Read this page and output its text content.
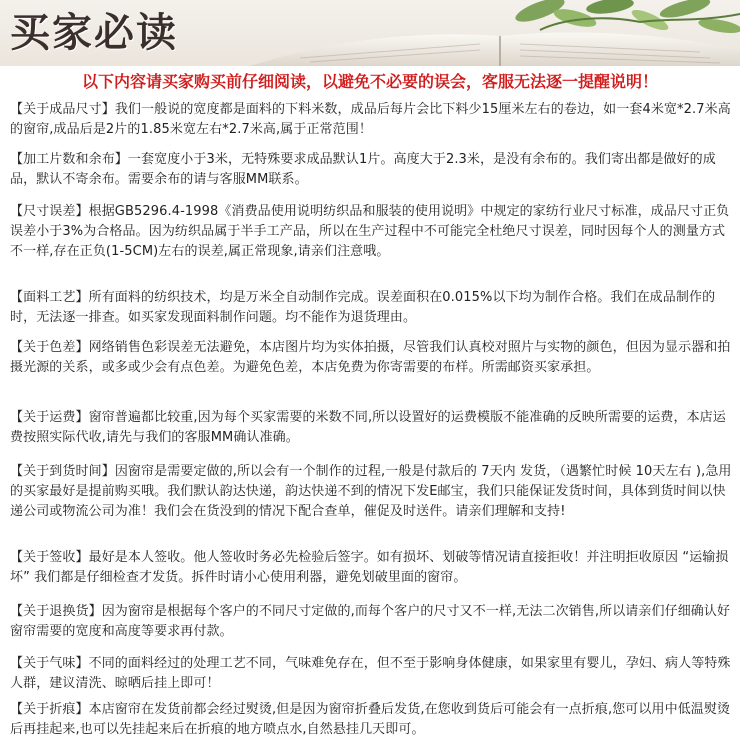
买家必读
以下内容请买家购买前仔细阅读，以避免不必要的误会，客服无法逐一提醒说明！

【关于成品尺寸】我们一般说的宽度都是面料的下料米数，成品后每片会比下料少15厘米左右的卷边，如一套4米宽*2.7米高的窗帘,成品后是2片的1.85米宽左右*2.7米高,属于正常范围！

【加工片数和余布】一套宽度小于3米，无特殊要求成品默认1片。高度大于2.3米，是没有余布的。我们寄出都是做好的成品，默认不寄余布。需要余布的请与客服MM联系。

【尺寸误差】根据GB5296.4-1998《消费品使用说明纺织品和服装的使用说明》中规定的家纺行业尺寸标准，成品尺寸正负误差小于3%为合格品。因为纺织品属于半手工产品，所以在生产过程中不可能完全杜绝尺寸误差，同时因每个人的测量方式不一样,存在正负(1-5CM)左右的误差,属正常现象,请亲们注意哦。

【面料工艺】所有面料的纺织技术，均是万米全自动制作完成。误差面积在0.015%以下均为制作合格。我们在成品制作的时，无法逐一排查。如买家发现面料制作问题。均不能作为退货理由。

【关于色差】网络销售色彩误差无法避免，本店图片均为实体拍摄，尽管我们认真校对照片与实物的颜色，但因为显示器和拍摄光源的关系，或多或少会有点色差。为避免色差，本店免费为你寄需要的布样。所需邮资买家承担。

【关于运费】窗帘普遍都比较重,因为每个买家需要的米数不同,所以设置好的运费模版不能准确的反映所需要的运费，本店运费按照实际代收,请先与我们的客服MM确认准确。

【关于到货时间】因窗帘是需要定做的,所以会有一个制作的过程,一般是付款后的 7天内 发货，（遇繁忙时候 10天左右 ),急用的买家最好是提前购买哦。我们默认韵达快递，韵达快递不到的情况下发E邮宝，我们只能保证发货时间，具体到货时间以快递公司或物流公司为准！我们会在货没到的情况下配合查单，催促及时送件。请亲们理解和支持!

【关于签收】最好是本人签收。他人签收时务必先检验后签字。如有损坏、划破等情况请直接拒收！并注明拒收原因 “运输损坏” 我们都是仔细检查才发货。拆件时请小心使用利器，避免划破里面的窗帘。

【关于退换货】因为窗帘是根据每个客户的不同尺寸定做的,而每个客户的尺寸又不一样,无法二次销售,所以请亲们仔细确认好窗帘需要的宽度和高度等要求再付款。

【关于气味】不同的面料经过的处理工艺不同，气味难免存在，但不至于影响身体健康，如果家里有婴儿，孕妇、病人等特殊人群，建议清洗、晾晒后挂上即可！

【关于折痕】本店窗帘在发货前都会经过熨烫,但是因为窗帘折叠后发货,在您收到货后可能会有一点折痕,您可以用中低温熨烫后再挂起来,也可以先挂起来后在折痕的地方喷点水,自然悬挂几天即可。
